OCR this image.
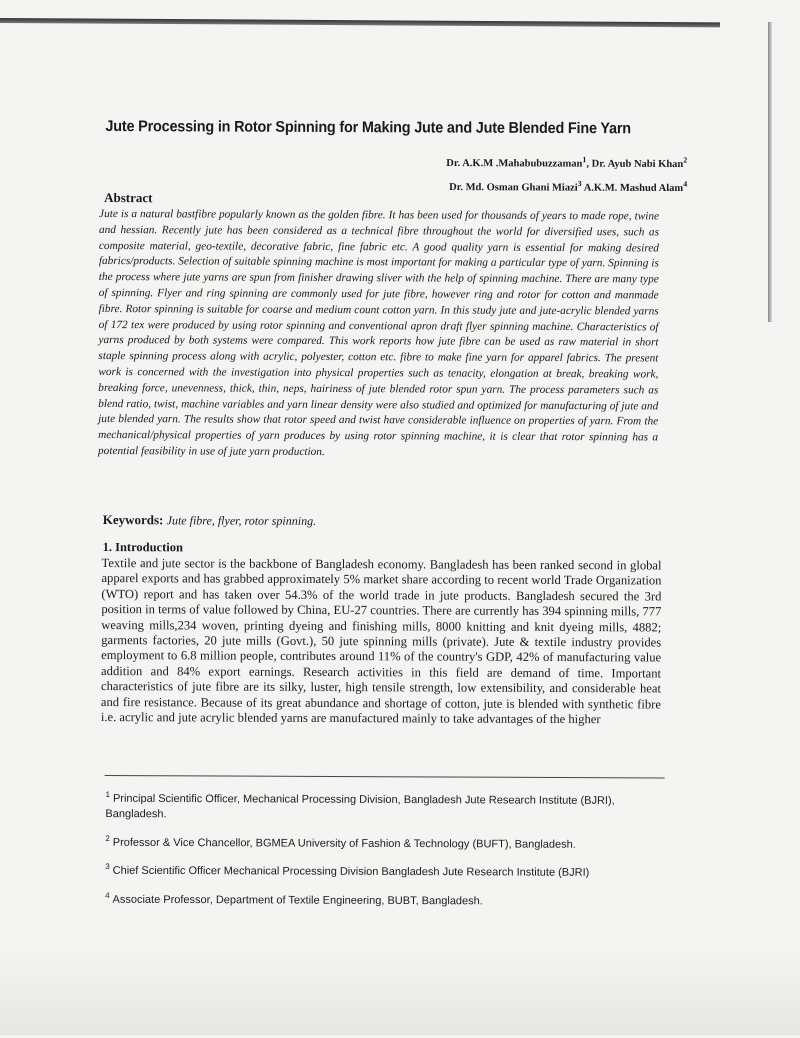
Jute Processing in Rotor Spinning for Making Jute and Jute Blended Fine Yarn
Dr. A.K.M .Mahabubuzzaman$^1$, Dr. Ayub Nabi Khan$^2$
Dr. Md. Osman Ghani Miazi$^3$ A.K.M. Mashud Alam$^4$
Abstract
Jute is a natural bastfibre popularly known as the golden fibre. It has been used for thousands of years to made rope, twine and hessian. Recently jute has been considered as a technical fibre throughout the world for diversified uses, such as composite material, geo-textile, decorative fabric, fine fabric etc. A good quality yarn is essential for making desired fabrics/products. Selection of suitable spinning machine is most important for making a particular type of yarn. Spinning is the process where jute yarns are spun from finisher drawing sliver with the help of spinning machine. There are many type of spinning. Flyer and ring spinning are commonly used for jute fibre, however ring and rotor for cotton and manmade fibre. Rotor spinning is suitable for coarse and medium count cotton yarn. In this study jute and jute-acrylic blended yarns of 172 tex were produced by using rotor spinning and conventional apron draft flyer spinning machine. Characteristics of yarns produced by both systems were compared. This work reports how jute fibre can be used as raw material in short staple spinning process along with acrylic, polyester, cotton etc. fibre to make fine yarn for apparel fabrics. The present work is concerned with the investigation into physical properties such as tenacity, elongation at break, breaking work, breaking force, unevenness, thick, thin, neps, hairiness of jute blended rotor spun yarn. The process parameters such as blend ratio, twist, machine variables and yarn linear density were also studied and optimized for manufacturing of jute and jute blended yarn. The results show that rotor speed and twist have considerable influence on properties of yarn. From the mechanical/physical properties of yarn produces by using rotor spinning machine, it is clear that rotor spinning has a potential feasibility in use of jute yarn production.
Keywords: Jute fibre, flyer, rotor spinning.
1. Introduction
Textile and jute sector is the backbone of Bangladesh economy. Bangladesh has been ranked second in global apparel exports and has grabbed approximately 5% market share according to recent world Trade Organization (WTO) report and has taken over 54.3% of the world trade in jute products. Bangladesh secured the 3rd position in terms of value followed by China, EU-27 countries. There are currently has 394 spinning mills, 777 weaving mills,234 woven, printing dyeing and finishing mills, 8000 knitting and knit dyeing mills, 4882; garments factories, 20 jute mills (Govt.), 50 jute spinning mills (private). Jute & textile industry provides employment to 6.8 million people, contributes around 11% of the country's GDP, 42% of manufacturing value addition and 84% export earnings. Research activities in this field are demand of time. Important characteristics of jute fibre are its silky, luster, high tensile strength, low extensibility, and considerable heat and fire resistance. Because of its great abundance and shortage of cotton, jute is blended with synthetic fibre i.e. acrylic and jute acrylic blended yarns are manufactured mainly to take advantages of the higher
$^1$ Principal Scientific Officer, Mechanical Processing Division, Bangladesh Jute Research Institute (BJRI), Bangladesh.
$^2$ Professor & Vice Chancellor, BGMEA University of Fashion & Technology (BUFT), Bangladesh.
$^3$ Chief Scientific Officer Mechanical Processing Division Bangladesh Jute Research Institute (BJRI)
$^4$ Associate Professor, Department of Textile Engineering, BUBT, Bangladesh.
